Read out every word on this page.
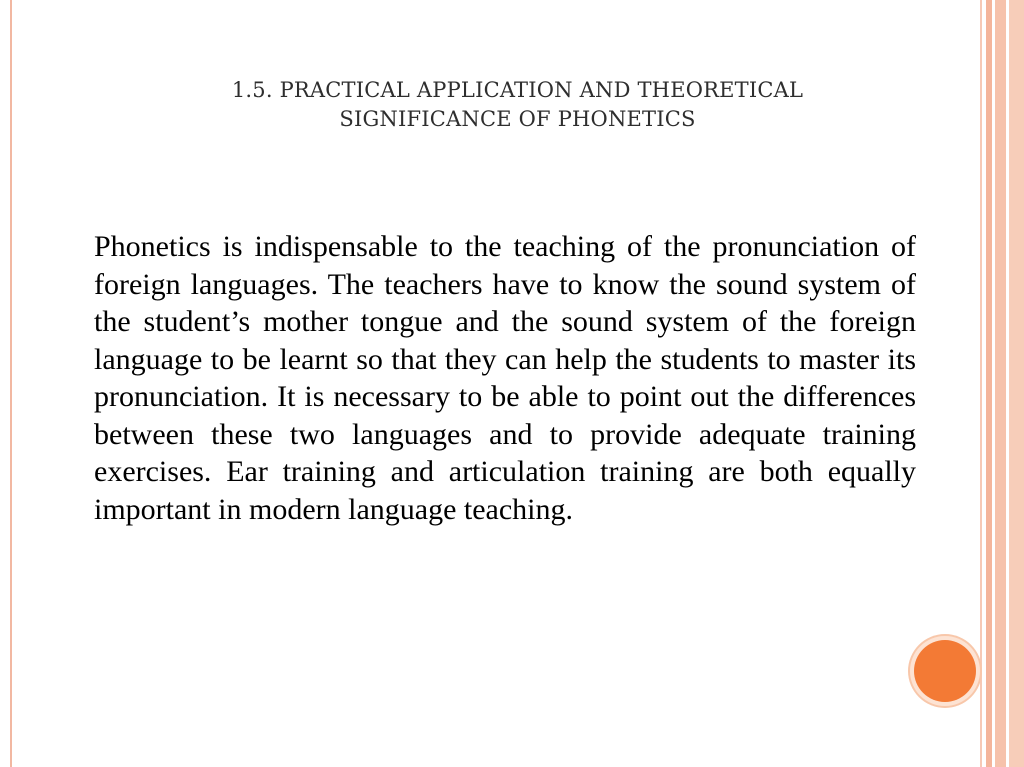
1.5. PRACTICAL APPLICATION AND THEORETICAL
SIGNIFICANCE OF PHONETICS
Phonetics is indispensable to the teaching of the pronunciation of foreign languages. The teachers have to know the sound system of the student’s mother tongue and the sound system of the foreign language to be learnt so that they can help the students to master its pronunciation. It is necessary to be able to point out the differences between these two languages and to provide adequate training exercises. Ear training and articulation training are both equally important in modern language teaching.
